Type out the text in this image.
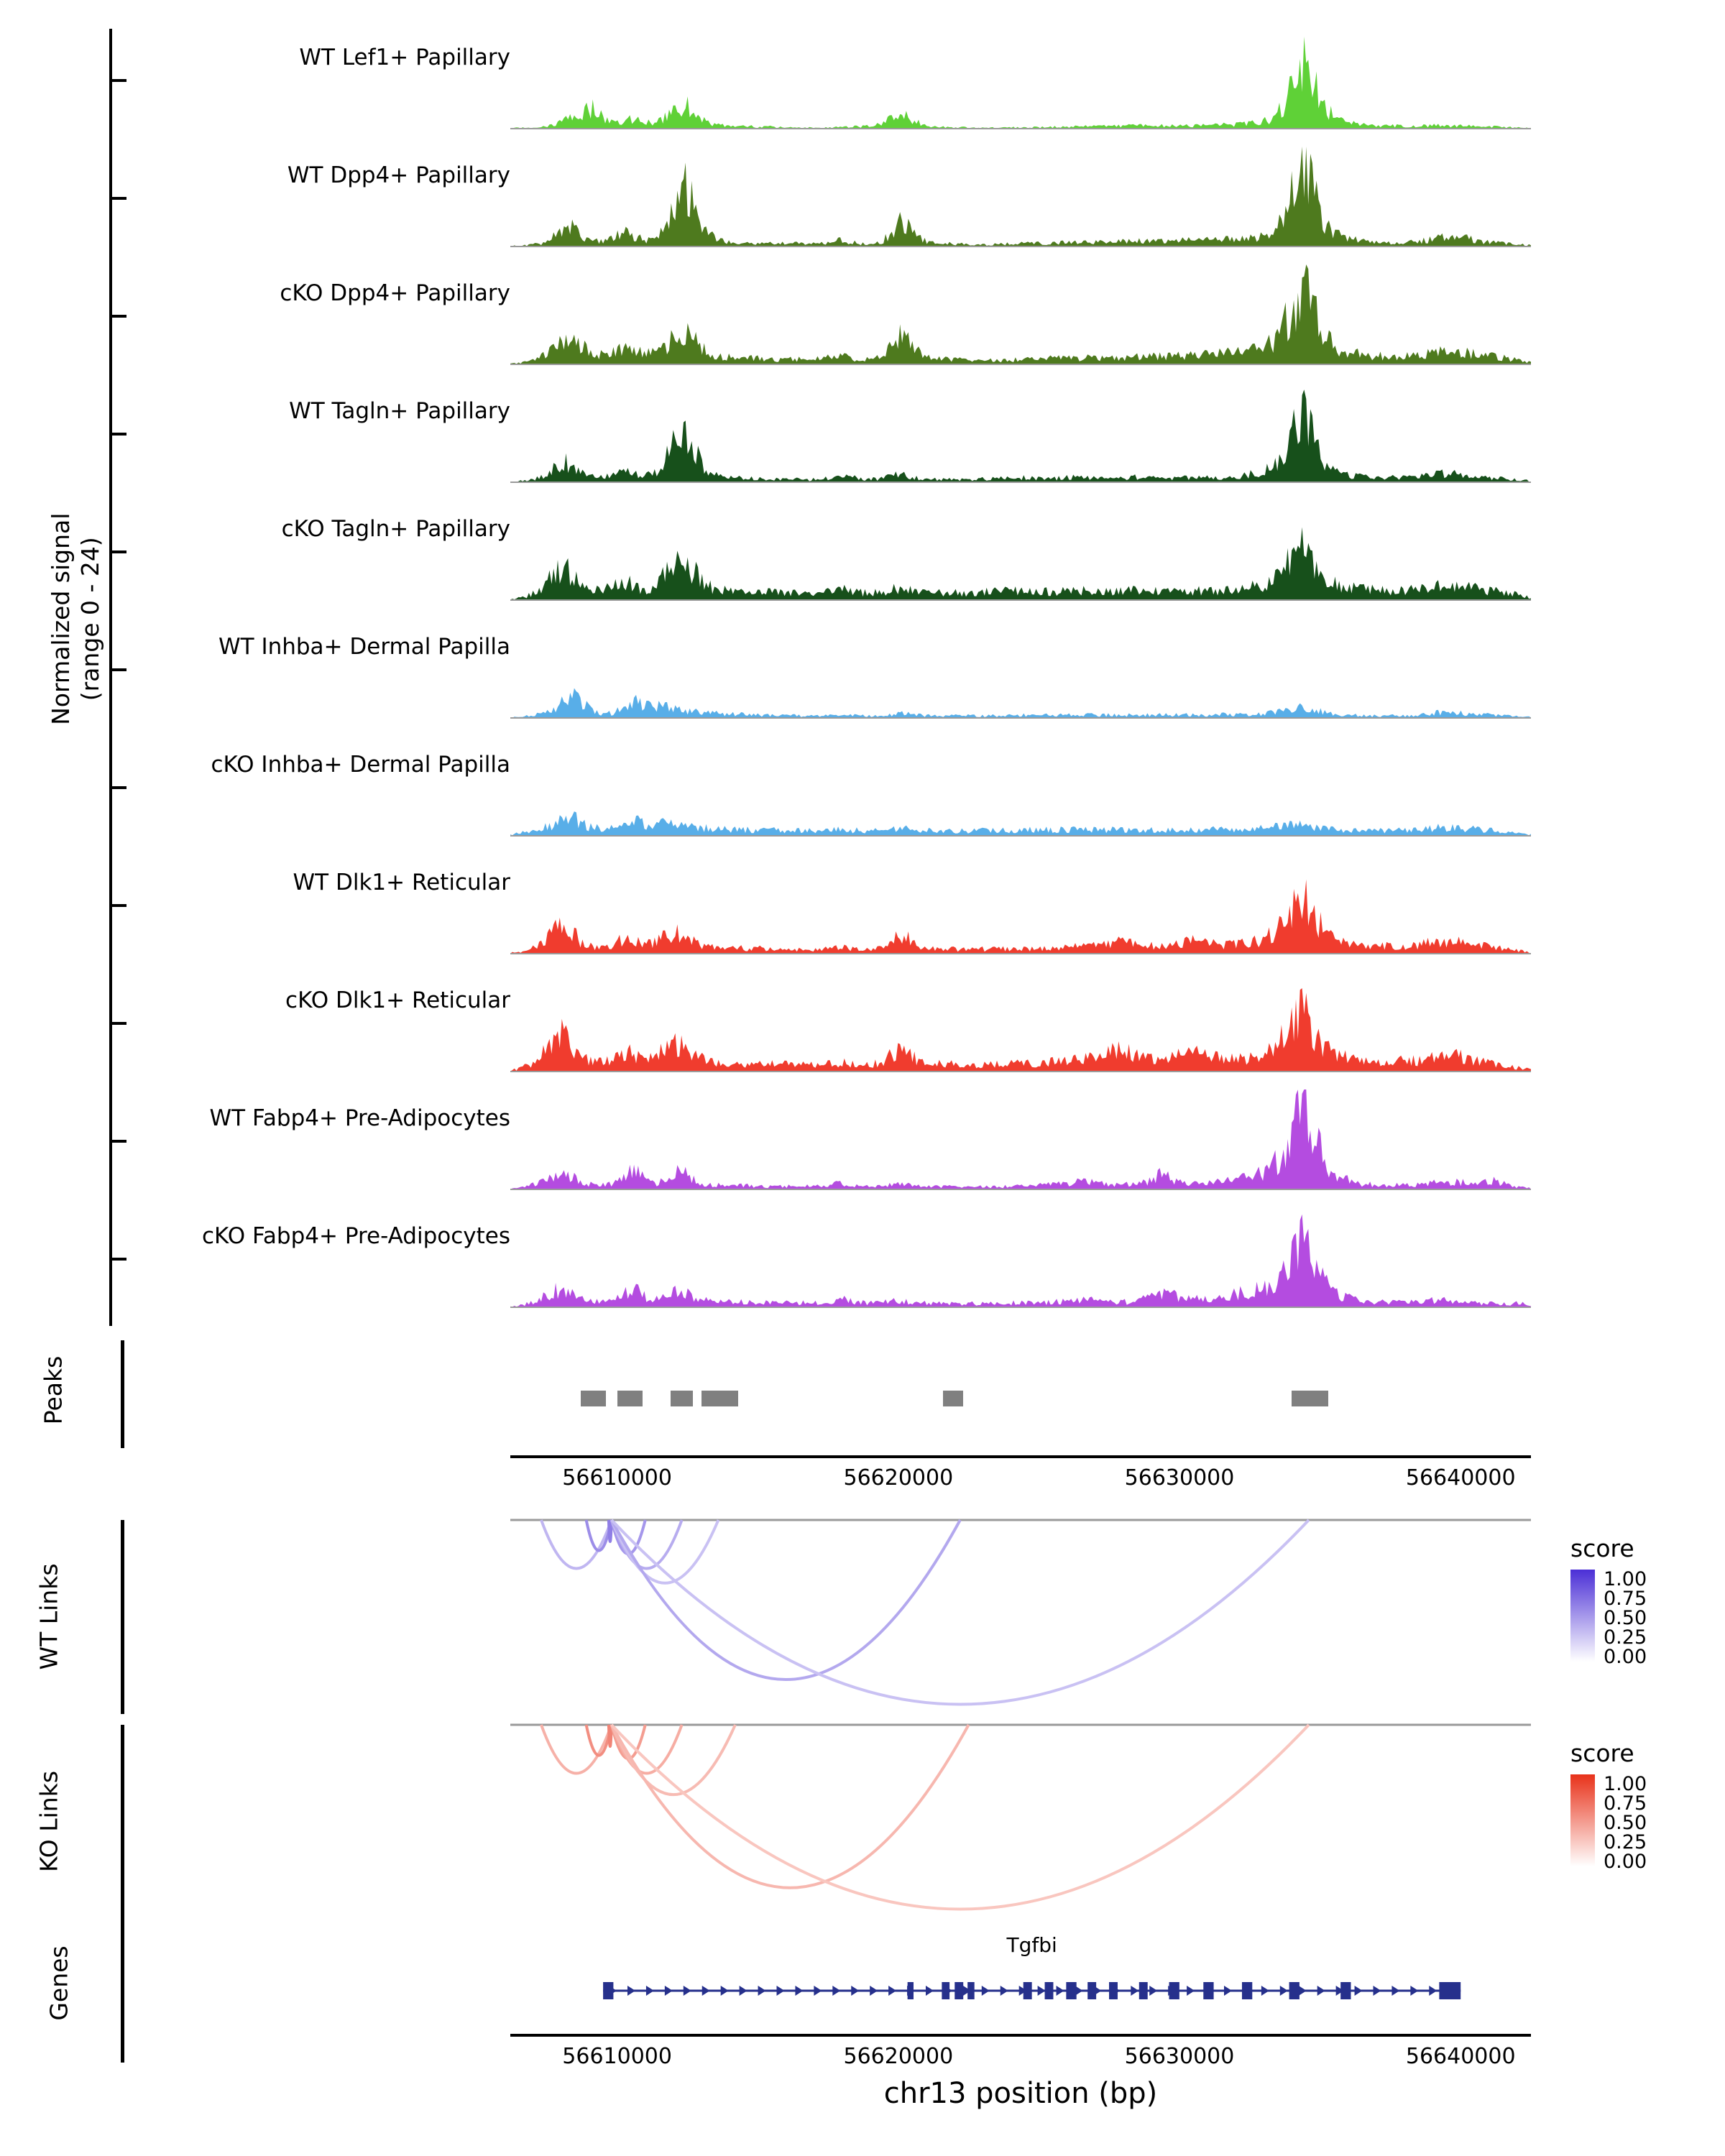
Normalized signal (range 0 - 24)
WT Lef1+ Papillary
WT Dpp4+ Papillary
cKO Dpp4+ Papillary
WT Tagln+ Papillary
cKO Tagln+ Papillary
WT Inhba+ Dermal Papilla
cKO Inhba+ Dermal Papilla
WT Dlk1+ Reticular
cKO Dlk1+ Reticular
WT Fabp4+ Pre-Adipocytes
cKO Fabp4+ Pre-Adipocytes
Peaks
56610000	56620000	56630000	56640000
WT Links
score
1.00
0.75
0.50
0.25
0.00
KO Links
score
1.00
0.75
0.50
0.25
0.00
Genes
Tgfbi
56610000	56620000	56630000	56640000
chr13 position (bp)
